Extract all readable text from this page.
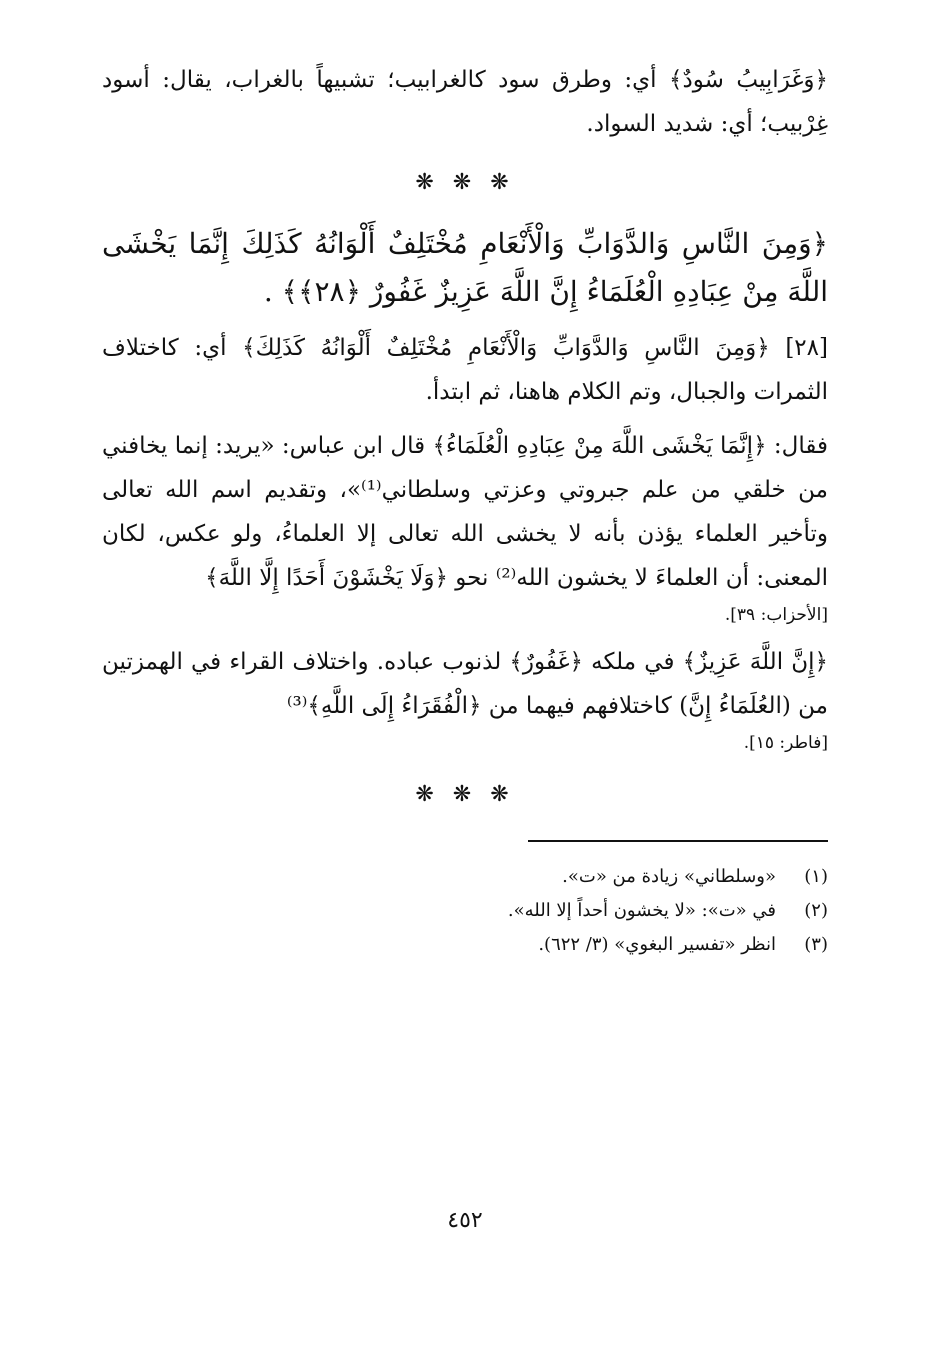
﴿وَغَرَابِيبُ سُودٌ﴾ أي: وطرق سود كالغرابيب؛ تشبيهاً بالغراب، يقال: أسود غِرْبيب؛ أي: شديد السواد.

❋ ❋ ❋

﴿وَمِنَ النَّاسِ وَالدَّوَابِّ وَالْأَنْعَامِ مُخْتَلِفٌ أَلْوَانُهُ كَذَلِكَ إِنَّمَا يَخْشَى اللَّهَ مِنْ عِبَادِهِ الْعُلَمَاءُ إِنَّ اللَّهَ عَزِيزٌ غَفُورٌ ﴿٢٨﴾﴾ .

[٢٨] ﴿وَمِنَ النَّاسِ وَالدَّوَابِّ وَالْأَنْعَامِ مُخْتَلِفٌ أَلْوَانُهُ كَذَلِكَ﴾ أي: كاختلاف الثمرات والجبال، وتم الكلام هاهنا، ثم ابتدأ.

فقال: ﴿إِنَّمَا يَخْشَى اللَّهَ مِنْ عِبَادِهِ الْعُلَمَاءُ﴾ قال ابن عباس: «يريد: إنما يخافني من خلقي من علم جبروتي وعزتي وسلطاني⁽¹⁾»، وتقديم اسم الله تعالى وتأخير العلماء يؤذن بأنه لا يخشى الله تعالى إلا العلماءُ، ولو عكس، لكان المعنى: أن العلماءَ لا يخشون الله⁽²⁾ نحو ﴿وَلَا يَخْشَوْنَ أَحَدًا إِلَّا اللَّهَ﴾
[الأحزاب: ٣٩].

﴿إِنَّ اللَّهَ عَزِيزٌ﴾ في ملكه ﴿غَفُورٌ﴾ لذنوب عباده. واختلاف القراء في الهمزتين من (العُلَمَاءُ إِنَّ) كاختلافهم فيهما من ﴿الْفُقَرَاءُ إِلَى اللَّهِ﴾⁽³⁾
[فاطر: ١٥].

❋ ❋ ❋

(١)
«وسلطاني» زيادة من «ت».
(٢)
في «ت»: «لا يخشون أحداً إلا الله».
(٣)
انظر «تفسير البغوي» (٣/ ٦٢٢).
٤٥٢
